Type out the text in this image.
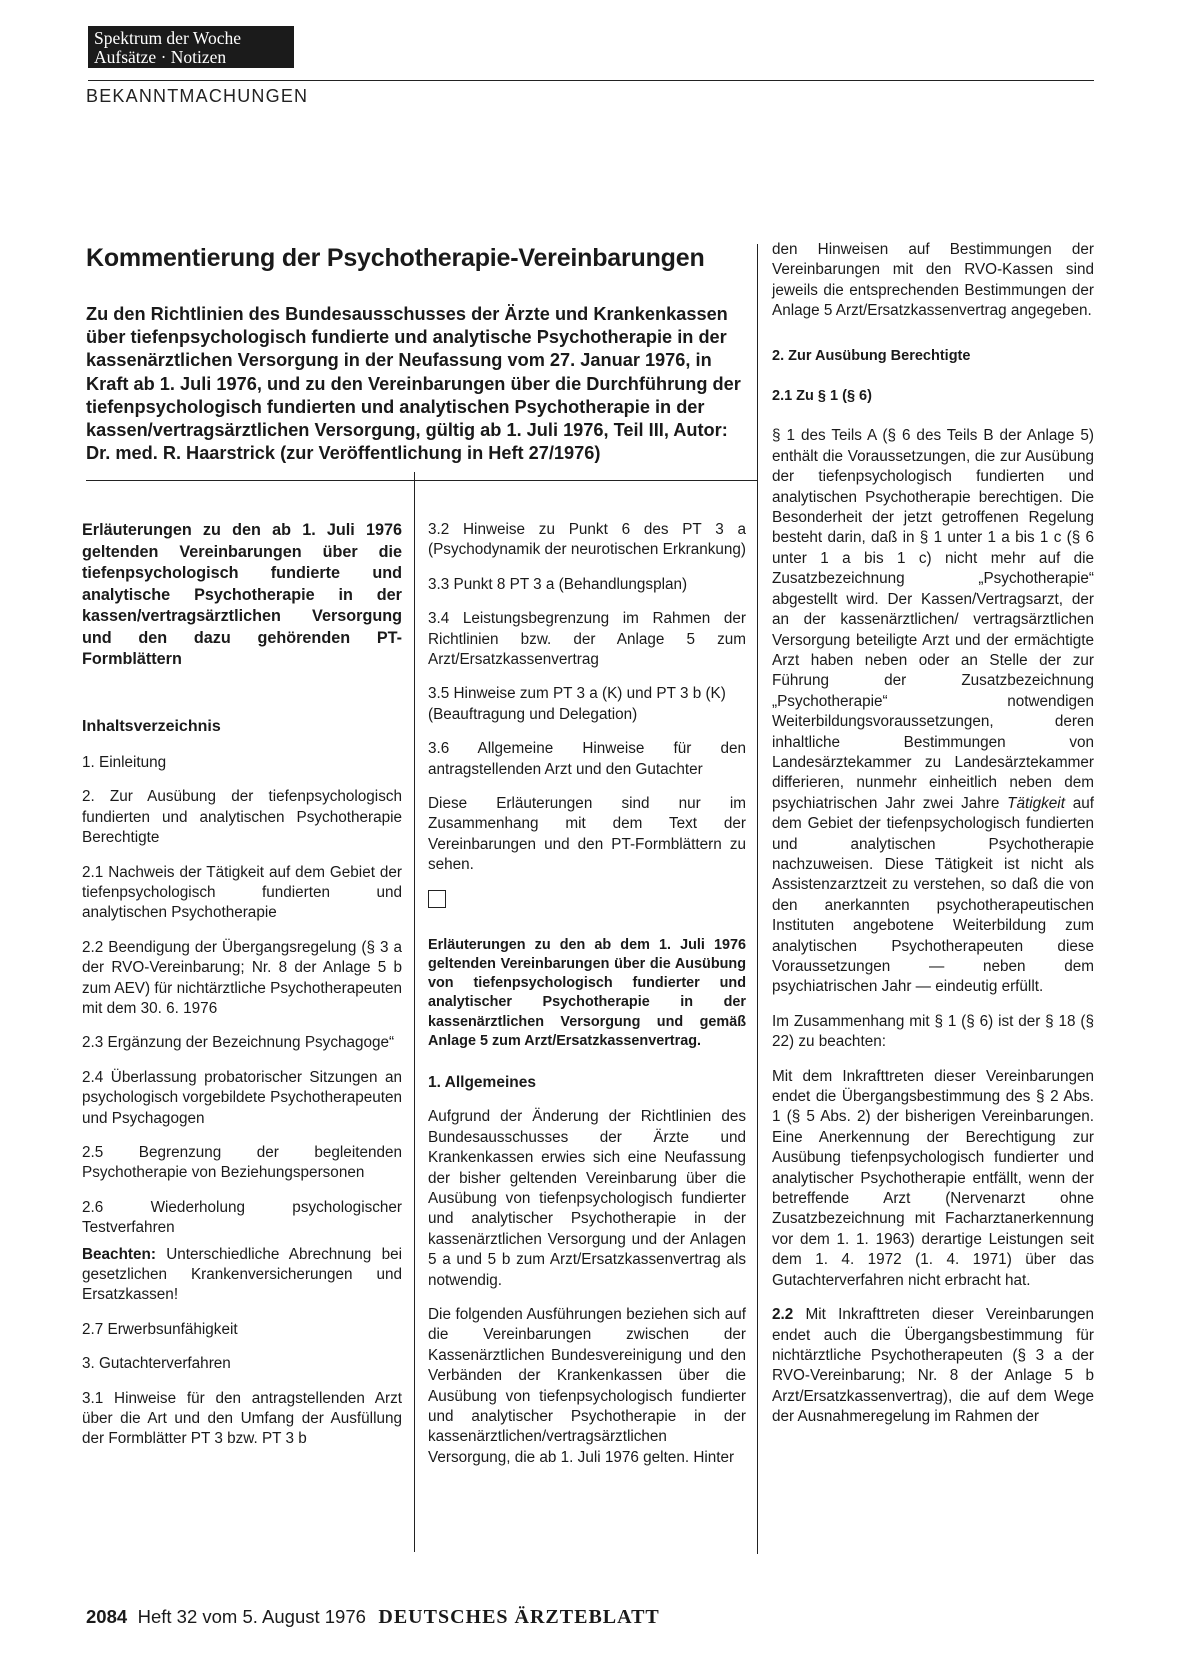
Spektrum der Woche
Aufsätze · Notizen
BEKANNTMACHUNGEN
Kommentierung der Psychotherapie-Vereinbarungen
Zu den Richtlinien des Bundesausschusses der Ärzte und Krankenkassen über tiefenpsychologisch fundierte und analytische Psychotherapie in der kassenärztlichen Versorgung in der Neufassung vom 27. Januar 1976, in Kraft ab 1. Juli 1976, und zu den Vereinbarungen über die Durchführung der tiefenpsychologisch fundierten und analytischen Psychotherapie in der kassen/vertragsärztlichen Versorgung, gültig ab 1. Juli 1976, Teil III, Autor: Dr. med. R. Haarstrick (zur Veröffentlichung in Heft 27/1976)

Erläuterungen zu den ab 1. Juli 1976 geltenden Vereinbarungen über die tiefenpsychologisch fundierte und analytische Psychotherapie in der kassen/vertragsärztlichen Versorgung und den dazu gehörenden PT-Formblättern

Inhaltsverzeichnis

1. Einleitung

2. Zur Ausübung der tiefenpsychologisch fundierten und analytischen Psychotherapie Berechtigte

2.1 Nachweis der Tätigkeit auf dem Gebiet der tiefenpsychologisch fundierten und analytischen Psychotherapie

2.2 Beendigung der Übergangsregelung (§ 3 a der RVO-Vereinbarung; Nr. 8 der Anlage 5 b zum AEV) für nichtärztliche Psychotherapeuten mit dem 30. 6. 1976

2.3 Ergänzung der Bezeichnung Psychagoge“

2.4 Überlassung probatorischer Sitzungen an psychologisch vorgebildete Psychotherapeuten und Psychagogen

2.5 Begrenzung der begleitenden Psychotherapie von Beziehungspersonen

2.6 Wiederholung psychologischer Testverfahren

Beachten: Unterschiedliche Abrechnung bei gesetzlichen Krankenversicherungen und Ersatzkassen!

2.7 Erwerbsunfähigkeit

3. Gutachterverfahren

3.1 Hinweise für den antragstellenden Arzt über die Art und den Umfang der Ausfüllung der Formblätter PT 3 bzw. PT 3 b

3.2 Hinweise zu Punkt 6 des PT 3 a (Psychodynamik der neurotischen Erkrankung)

3.3 Punkt 8 PT 3 a (Behandlungsplan)

3.4 Leistungsbegrenzung im Rahmen der Richtlinien bzw. der Anlage 5 zum Arzt/Ersatzkassenvertrag

3.5 Hinweise zum PT 3 a (K) und PT 3 b (K)

(Beauftragung und Delegation)

3.6 Allgemeine Hinweise für den antragstellenden Arzt und den Gutachter

Diese Erläuterungen sind nur im Zusammenhang mit dem Text der Vereinbarungen und den PT-Formblättern zu sehen.

Erläuterungen zu den ab dem 1. Juli 1976 geltenden Vereinbarungen über die Ausübung von tiefenpsychologisch fundierter und analytischer Psychotherapie in der kassenärztlichen Versorgung und gemäß Anlage 5 zum Arzt/Ersatzkassenvertrag.

1. Allgemeines

Aufgrund der Änderung der Richtlinien des Bundesausschusses der Ärzte und Krankenkassen erwies sich eine Neufassung der bisher geltenden Vereinbarung über die Ausübung von tiefenpsychologisch fundierter und analytischer Psychotherapie in der kassenärztlichen Versorgung und der Anlagen 5 a und 5 b zum Arzt/Ersatzkassenvertrag als notwendig.

Die folgenden Ausführungen beziehen sich auf die Vereinbarungen zwischen der Kassenärztlichen Bundesvereinigung und den Verbänden der Krankenkassen über die Ausübung von tiefenpsychologisch fundierter und analytischer Psychotherapie in der kassenärztlichen/vertragsärztlichen Versorgung, die ab 1. Juli 1976 gelten. Hinter

den Hinweisen auf Bestimmungen der Vereinbarungen mit den RVO-Kassen sind jeweils die entsprechenden Bestimmungen der Anlage 5 Arzt/Ersatzkassenvertrag angegeben.

2. Zur Ausübung Berechtigte

2.1 Zu § 1 (§ 6)

§ 1 des Teils A (§ 6 des Teils B der Anlage 5) enthält die Voraussetzungen, die zur Ausübung der tiefenpsychologisch fundierten und analytischen Psychotherapie berechtigen. Die Besonderheit der jetzt getroffenen Regelung besteht darin, daß in § 1 unter 1 a bis 1 c (§ 6 unter 1 a bis 1 c) nicht mehr auf die Zusatzbezeichnung „Psychotherapie“ abgestellt wird. Der Kassen/Vertragsarzt, der an der kassenärztlichen/ vertragsärztlichen Versorgung beteiligte Arzt und der ermächtigte Arzt haben neben oder an Stelle der zur Führung der Zusatzbezeichnung „Psychotherapie“ notwendigen Weiterbildungsvoraussetzungen, deren inhaltliche Bestimmungen von Landesärztekammer zu Landesärztekammer differieren, nunmehr einheitlich neben dem psychiatrischen Jahr zwei Jahre Tätigkeit auf dem Gebiet der tiefenpsychologisch fundierten und analytischen Psychotherapie nachzuweisen. Diese Tätigkeit ist nicht als Assistenzarztzeit zu verstehen, so daß die von den anerkannten psychotherapeutischen Instituten angebotene Weiterbildung zum analytischen Psychotherapeuten diese Voraussetzungen — neben dem psychiatrischen Jahr — eindeutig erfüllt.

Im Zusammenhang mit § 1 (§ 6) ist der § 18 (§ 22) zu beachten:

Mit dem Inkrafttreten dieser Vereinbarungen endet die Übergangsbestimmung des § 2 Abs. 1 (§ 5 Abs. 2) der bisherigen Vereinbarungen. Eine Anerkennung der Berechtigung zur Ausübung tiefenpsychologisch fundierter und analytischer Psychotherapie entfällt, wenn der betreffende Arzt (Nervenarzt ohne Zusatzbezeichnung mit Facharztanerkennung vor dem 1. 1. 1963) derartige Leistungen seit dem 1. 4. 1972 (1. 4. 1971) über das Gutachterverfahren nicht erbracht hat.

2.2 Mit Inkrafttreten dieser Vereinbarungen endet auch die Übergangsbestimmung für nichtärztliche Psychotherapeuten (§ 3 a der RVO-Vereinbarung; Nr. 8 der Anlage 5 b Arzt/Ersatzkassenvertrag), die auf dem Wege der Ausnahmeregelung im Rahmen der

2084 Heft 32 vom 5. August 1976 DEUTSCHES ÄRZTEBLATT
